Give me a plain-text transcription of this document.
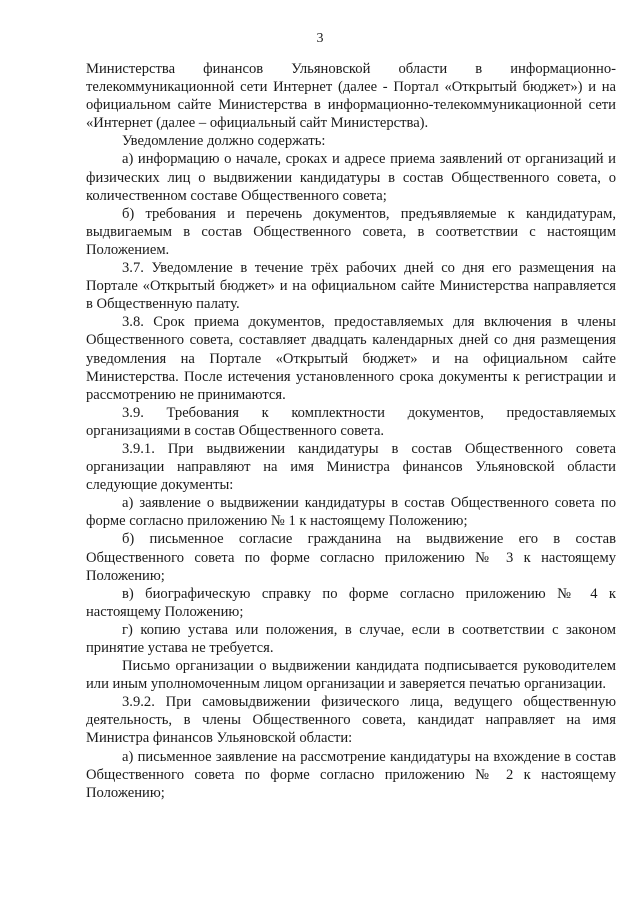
3

Министерства финансов Ульяновской области в информационно-телекоммуникационной сети Интернет (далее - Портал «Открытый бюджет») и на официальном сайте Министерства в информационно-телекоммуникационной сети «Интернет (далее – официальный сайт Министерства).

Уведомление должно содержать:

а) информацию о начале, сроках и адресе приема заявлений от организаций и физических лиц о выдвижении кандидатуры в состав Общественного совета, о количественном составе Общественного совета;

б) требования и перечень документов, предъявляемые к кандидатурам, выдвигаемым в состав Общественного совета, в соответствии с настоящим Положением.

3.7. Уведомление в течение трёх рабочих дней со дня его размещения на Портале «Открытый бюджет» и на официальном сайте Министерства направляется в Общественную палату.

3.8. Срок приема документов, предоставляемых для включения в члены Общественного совета, составляет двадцать календарных дней со дня размещения уведомления на Портале «Открытый бюджет» и на официальном сайте Министерства. После истечения установленного срока документы к регистрации и рассмотрению не принимаются.

3.9. Требования к комплектности документов, предоставляемых организациями в состав Общественного совета.

3.9.1. При выдвижении кандидатуры в состав Общественного совета организации направляют на имя Министра финансов Ульяновской области следующие документы:

а) заявление о выдвижении кандидатуры в состав Общественного совета по форме согласно приложению № 1 к настоящему Положению;

б) письменное согласие гражданина на выдвижение его в состав Общественного совета по форме согласно приложению № 3 к настоящему Положению;

в) биографическую справку по форме согласно приложению № 4 к настоящему Положению;

г) копию устава или положения, в случае, если в соответствии с законом принятие устава не требуется.

Письмо организации о выдвижении кандидата подписывается руководителем или иным уполномоченным лицом организации и заверяется печатью организации.

3.9.2. При самовыдвижении физического лица, ведущего общественную деятельность, в члены Общественного совета, кандидат направляет на имя Министра финансов Ульяновской области:

а) письменное заявление на рассмотрение кандидатуры на вхождение в состав Общественного совета по форме согласно приложению № 2 к настоящему Положению;
